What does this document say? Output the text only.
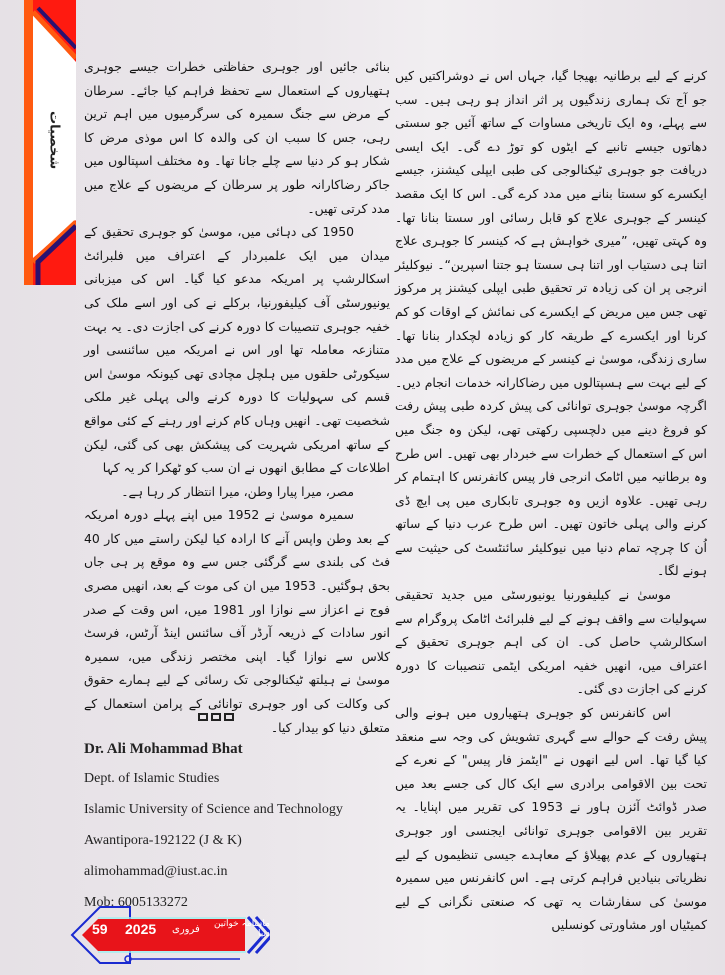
شخصیات

کرنے کے لیے برطانیہ بھیجا گیا، جہاں اس نے دوشراکتیں کیں جو آج تک ہماری زندگیوں پر اثر انداز ہو رہی ہیں۔ سب سے پہلے، وہ ایک تاریخی مساوات کے ساتھ آئیں جو سستی دھاتوں جیسے تانبے کے ایٹوں کو توڑ دے گی۔ ایک ایسی دریافت جو جوہری ٹیکنالوجی کی طبی ایپلی کیشنز، جیسے ایکسرے کو سستا بنانے میں مدد کرے گی۔ اس کا ایک مقصد کینسر کے جوہری علاج کو قابل رسائی اور سستا بنانا تھا۔ وہ کہتی تھیں، ”میری خواہش ہے کہ کینسر کا جوہری علاج اتنا ہی دستیاب اور اتنا ہی سستا ہو جتنا اسپرین“۔ نیوکلیئر انرجی پر ان کی زیادہ تر تحقیق طبی ایپلی کیشنز پر مرکوز تھی جس میں مریض کے ایکسرے کی نمائش کے اوقات کو کم کرنا اور ایکسرے کے طریقہ کار کو زیادہ لچکدار بنانا تھا۔ ساری زندگی، موسیٰ نے کینسر کے مریضوں کے علاج میں مدد کے لیے بہت سے ہسپتالوں میں رضاکارانہ خدمات انجام دیں۔ اگرچہ موسیٰ جوہری توانائی کی پیش کردہ طبی پیش رفت کو فروغ دینے میں دلچسپی رکھتی تھی، لیکن وہ جنگ میں اس کے استعمال کے خطرات سے خبردار بھی تھیں۔ اس طرح وہ برطانیہ میں اٹامک انرجی فار پیس کانفرنس کا اہتمام کر رہی تھیں۔ علاوہ ازیں وہ جوہری تابکاری میں پی ایچ ڈی کرنے والی پہلی خاتون تھیں۔ اس طرح عرب دنیا کے ساتھ اُن کا چرچہ تمام دنیا میں نیوکلیئر سائنٹسٹ کی حیثیت سے ہونے لگا۔

موسیٰ نے کیلیفورنیا یونیورسٹی میں جدید تحقیقی سہولیات سے واقف ہونے کے لیے فلبرائٹ اٹامک پروگرام سے اسکالرشپ حاصل کی۔ ان کی اہم جوہری تحقیق کے اعتراف میں، انھیں خفیہ امریکی ایٹمی تنصیبات کا دورہ کرنے کی اجازت دی گئی۔

اس کانفرنس کو جوہری ہتھیاروں میں ہونے والی پیش رفت کے حوالے سے گہری تشویش کی وجہ سے منعقد کیا گیا تھا۔ اس لیے انھوں نے "ایٹمز فار پیس" کے نعرے کے تحت بین الاقوامی برادری سے ایک کال کی جسے بعد میں صدر ڈوائٹ آئزن ہاور نے 1953 کی تقریر میں اپنایا۔ یہ تقریر بین الاقوامی جوہری توانائی ایجنسی اور جوہری ہتھیاروں کے عدم پھیلاؤ کے معاہدے جیسی تنظیموں کے لیے نظریاتی بنیادیں فراہم کرتی ہے۔ اس کانفرنس میں سمیرہ موسیٰ کی سفارشات یہ تھی کہ صنعتی نگرانی کے لیے کمیٹیاں اور مشاورتی کونسلیں

بنائی جائیں اور جوہری حفاظتی خطرات جیسے جوہری ہتھیاروں کے استعمال سے تحفظ فراہم کیا جائے۔ سرطان کے مرض سے جنگ سمیرہ کی سرگرمیوں میں اہم ترین رہی، جس کا سبب ان کی والدہ کا اس موذی مرض کا شکار ہو کر دنیا سے چلے جانا تھا۔ وہ مختلف اسپتالوں میں جاکر رضاکارانہ طور پر سرطان کے مریضوں کے علاج میں مدد کرتی تھیں۔

1950 کی دہائی میں، موسیٰ کو جوہری تحقیق کے میدان میں ایک علمبردار کے اعتراف میں فلبرائٹ اسکالرشپ پر امریکہ مدعو کیا گیا۔ اس کی میزبانی یونیورسٹی آف کیلیفورنیا، برکلے نے کی اور اسے ملک کی خفیہ جوہری تنصیبات کا دورہ کرنے کی اجازت دی۔ یہ بہت متنازعہ معاملہ تھا اور اس نے امریکہ میں سائنسی اور سیکورٹی حلقوں میں ہلچل مچادی تھی کیونکہ موسیٰ اس قسم کی سہولیات کا دورہ کرنے والی پہلی غیر ملکی شخصیت تھی۔ انھیں وہاں کام کرنے اور رہنے کے کئی مواقع کے ساتھ امریکی شہریت کی پیشکش بھی کی گئی، لیکن اطلاعات کے مطابق انھوں نے ان سب کو ٹھکرا کر یہ کہا

مصر، میرا پیارا وطن، میرا انتظار کر رہا ہے۔

سمیرہ موسیٰ نے 1952 میں اپنے پہلے دورہ امریکہ کے بعد وطن واپس آنے کا ارادہ کیا لیکن راستے میں کار 40 فٹ کی بلندی سے گرگئی جس سے وہ موقع پر ہی جاں بحق ہوگئیں۔ 1953 میں ان کی موت کے بعد، انھیں مصری فوج نے اعزاز سے نوازا اور 1981 میں، اس وقت کے صدر انور سادات کے ذریعہ آرڈر آف سائنس اینڈ آرٹس، فرسٹ کلاس سے نوازا گیا۔ اپنی مختصر زندگی میں، سمیرہ موسیٰ نے ہیلتھ ٹیکنالوجی تک رسائی کے لیے ہمارے حقوق کی وکالت کی اور جوہری توانائی کے پرامن استعمال کے متعلق دنیا کو بیدار کیا۔

Dr. Ali Mohammad Bhat
Dept. of Islamic Studies
Islamic University of Science and Technology
Awantipora-192122 (J & K)
alimohammad@iust.ac.in
Mob: 6005133272
59 2025 فروری	ماہنامہ خواتین دنیا
